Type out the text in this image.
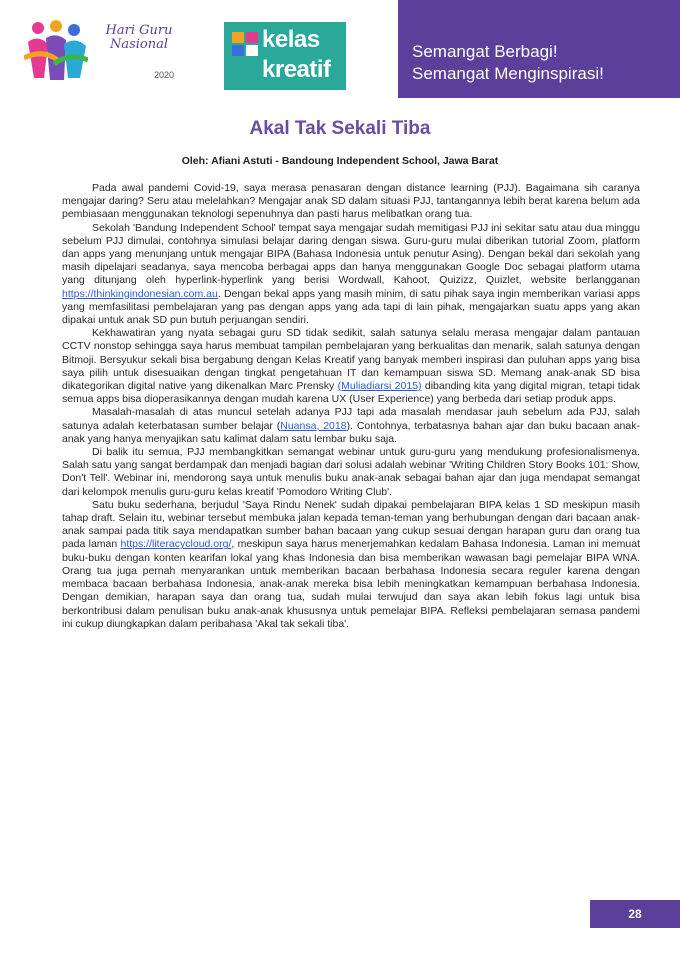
Hari Guru
Nasional
2020
kelas
kreatif
Semangat Berbagi!
Semangat Menginspirasi!
Akal Tak Sekali Tiba
Oleh: Afiani Astuti - Bandoung Independent School, Jawa Barat

Pada awal pandemi Covid-19, saya merasa penasaran dengan distance learning (PJJ). Bagaimana sih caranya mengajar daring? Seru atau melelahkan? Mengajar anak SD dalam situasi PJJ, tantangannya lebih berat karena belum ada pembiasaan menggunakan teknologi sepenuhnya dan pasti harus melibatkan orang tua.

Sekolah 'Bandung Independent School' tempat saya mengajar sudah memitigasi PJJ ini sekitar satu atau dua minggu sebelum PJJ dimulai, contohnya simulasi belajar daring dengan siswa. Guru-guru mulai diberikan tutorial Zoom, platform dan apps yang menunjang untuk mengajar BIPA (Bahasa Indonesia untuk penutur Asing). Dengan bekal dari sekolah yang masih dipelajari seadanya, saya mencoba berbagai apps dan hanya menggunakan Google Doc sebagai platform utama yang ditunjang oleh hyperlink-hyperlink yang berisi Wordwall, Kahoot, Quizizz, Quizlet, website berlangganan https://thinkingindonesian.com.au. Dengan bekal apps yang masih minim, di satu pihak saya ingin memberikan variasi apps yang memfasilitasi pembelajaran yang pas dengan apps yang ada tapi di lain pihak, mengajarkan suatu apps yang akan dipakai untuk anak SD pun butuh perjuangan sendiri.

Kekhawatiran yang nyata sebagai guru SD tidak sedikit, salah satunya selalu merasa mengajar dalam pantauan CCTV nonstop sehingga saya harus membuat tampilan pembelajaran yang berkualitas dan menarik, salah satunya dengan Bitmoji. Bersyukur sekali bisa bergabung dengan Kelas Kreatif yang banyak memberi inspirasi dan puluhan apps yang bisa saya pilih untuk disesuaikan dengan tingkat pengetahuan IT dan kemampuan siswa SD. Memang anak-anak SD bisa dikategorikan digital native yang dikenalkan Marc Prensky (Muliadiarsi 2015) dibanding kita yang digital migran, tetapi tidak semua apps bisa dioperasikannya dengan mudah karena UX (User Experience) yang berbeda dari setiap produk apps.

Masalah-masalah di atas muncul setelah adanya PJJ tapi ada masalah mendasar jauh sebelum ada PJJ, salah satunya adalah keterbatasan sumber belajar (Nuansa, 2018). Contohnya, terbatasnya bahan ajar dan buku bacaan anak-anak yang hanya menyajikan satu kalimat dalam satu lembar buku saja.

Di balik itu semua, PJJ membangkitkan semangat webinar untuk guru-guru yang mendukung profesionalismenya. Salah satu yang sangat berdampak dan menjadi bagian dari solusi adalah webinar 'Writing Children Story Books 101: Show, Don't Tell'. Webinar ini, mendorong saya untuk menulis buku anak-anak sebagai bahan ajar dan juga mendapat semangat dari kelompok menulis guru-guru kelas kreatif 'Pomodoro Writing Club'.

Satu buku sederhana, berjudul 'Saya Rindu Nenek' sudah dipakai pembelajaran BIPA kelas 1 SD meskipun masih tahap draft. Selain itu, webinar tersebut membuka jalan kepada teman-teman yang berhubungan dengan dari bacaan anak-anak sampai pada titik saya mendapatkan sumber bahan bacaan yang cukup sesuai dengan harapan guru dan orang tua pada laman https://literacycloud.org/, meskipun saya harus menerjemahkan kedalam Bahasa Indonesia. Laman ini memuat buku-buku dengan konten kearifan lokal yang khas Indonesia dan bisa memberikan wawasan bagi pemelajar BIPA WNA. Orang tua juga pernah menyarankan untuk memberikan bacaan berbahasa Indonesia secara reguler karena dengan membaca bacaan berbahasa Indonesia, anak-anak mereka bisa lebih meningkatkan kemampuan berbahasa Indonesia. Dengan demikian, harapan saya dan orang tua, sudah mulai terwujud dan saya akan lebih fokus lagi untuk bisa berkontribusi dalam penulisan buku anak-anak khususnya untuk pemelajar BIPA. Refleksi pembelajaran semasa pandemi ini cukup diungkapkan dalam peribahasa 'Akal tak sekali tiba'.

28
